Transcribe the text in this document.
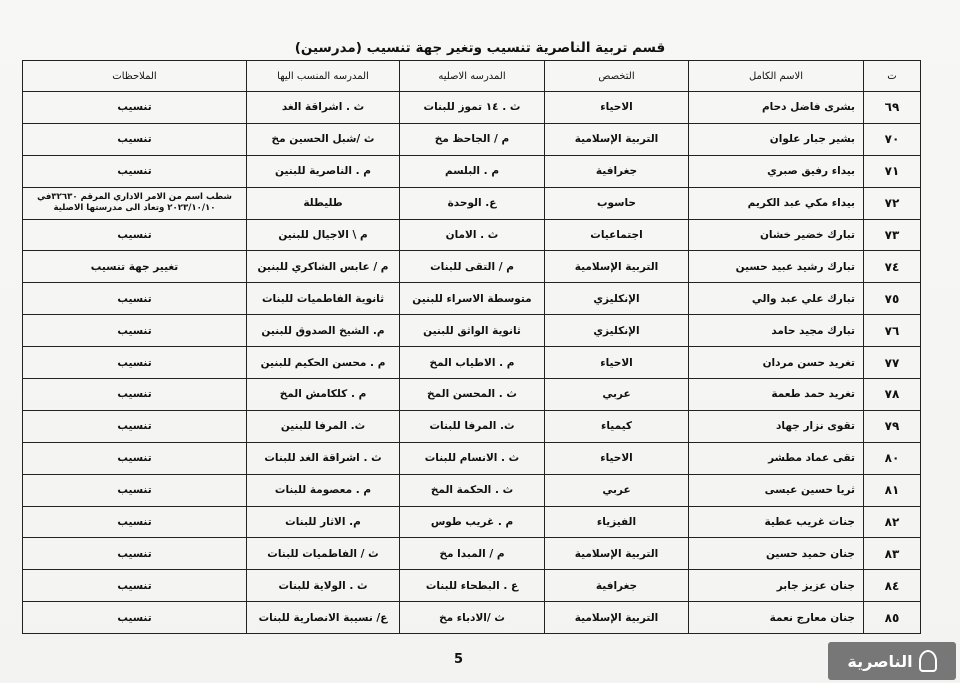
قسم تربية الناصرية تنسيب وتغير جهة تنسيب (مدرسين)
ت	الاسم الكامل	التخصص	المدرسه الاصليه	المدرسه المنسب اليها	الملاحظات
٦٩	بشرى فاضل دحام	الاحياء	ث . ١٤ تموز للبنات	ث . اشراقة الغد	تنسيب
٧٠	بشير جبار علوان	التربية الإسلامية	م / الجاحظ مخ	ث /شبل الحسين مخ	تنسيب
٧١	بيداء رفيق صبري	جغرافية	م . البلسم	م . الناصرية للبنين	تنسيب
٧٢	بيداء مكي عبد الكريم	حاسوب	ع. الوحدة	طليطلة	شطب اسم من الامر الاداري المرقم ٣٢٦٣٠في ٢٠٢٣/١٠/١٠ وتعاد الى مدرستها الاصلية
٧٣	تبارك خضير خشان	اجتماعيات	ث . الامان	م \ الاجيال للبنين	تنسيب
٧٤	تبارك رشيد عبيد حسين	التربية الإسلامية	م / التقى للبنات	م / عابس الشاكري للبنين	تغيير جهة تنسيب
٧٥	تبارك علي عبد والي	الإنكليزي	متوسطة الاسراء للبنين	ثانوية الفاطميات للبنات	تنسيب
٧٦	تبارك مجيد حامد	الإنكليزي	ثانوية الواثق للبنين	م. الشيخ الصدوق للبنين	تنسيب
٧٧	تغريد حسن مردان	الاحياء	م . الاطياب المخ	م . محسن الحكيم للبنين	تنسيب
٧٨	تغريد حمد طعمة	عربي	ث . المحسن المخ	م . كلكامش المخ	تنسيب
٧٩	تقوى نزار جهاد	كيمياء	ث. المرفا للبنات	ث. المرفا للبنين	تنسيب
٨٠	تقى عماد مطشر	الاحياء	ث . الانسام للبنات	ث . اشراقة الغد للبنات	تنسيب
٨١	ثريا حسين عيسى	عربي	ث . الحكمة المخ	م . معصومة للبنات	تنسيب
٨٢	جنات غريب عطية	الفيزياء	م . غريب طوس	م. الاثار للبنات	تنسيب
٨٣	جنان حميد حسين	التربية الإسلامية	م / المبدا مخ	ث / الفاطميات للبنات	تنسيب
٨٤	جنان عزيز جابر	جغرافية	ع . البطحاء للبنات	ث . الولاية للبنات	تنسيب
٨٥	جنان معارج نعمة	التربية الإسلامية	ث /الادباء مخ	ع/ نسيبة الانصارية للبنات	تنسيب
5	الناصرية
